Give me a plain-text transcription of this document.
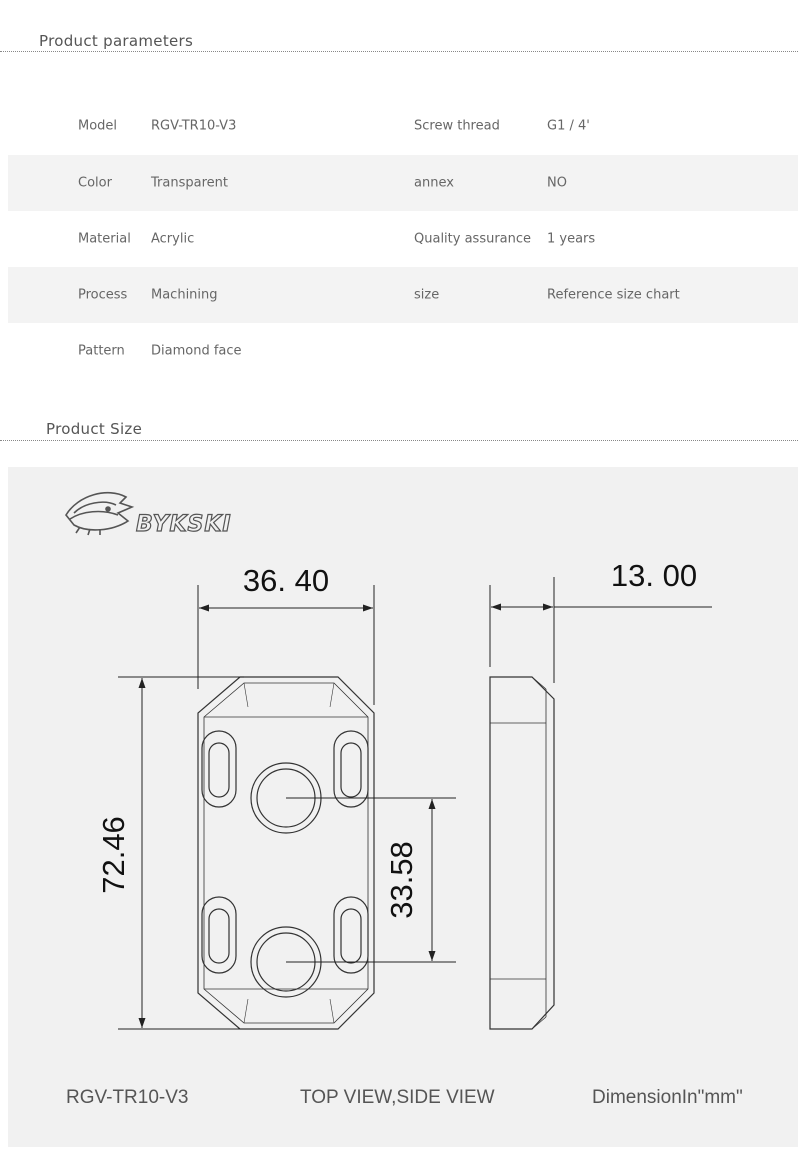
Product parameters
Model	RGV-TR10-V3	Screw thread	G1 / 4'
Color	Transparent	annex	NO
Material Acrylic	Quality assurance 1 years
Process Machining	size	Reference size chart
Pattern Diamond face
Product Size
BYKSKI
36. 40	13. 00
72.46	33.58
RGV-TR10-V3	TOP VIEW,SIDE VIEW	DimensionIn"mm"
